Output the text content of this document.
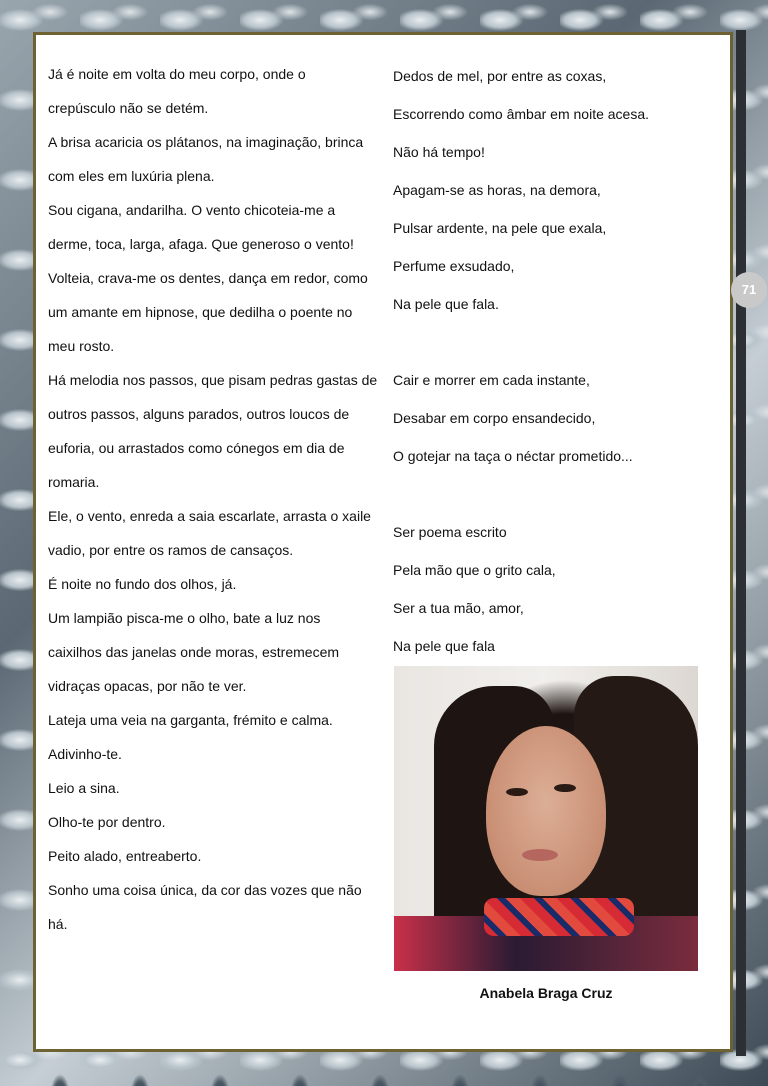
Já é noite em volta do meu corpo, onde o
crepúsculo não se detém.
A brisa acaricia os plátanos, na imaginação, brinca
com eles em luxúria plena.
Sou cigana, andarilha. O vento chicoteia-me a
derme, toca, larga, afaga. Que generoso o vento!
Volteia, crava-me os dentes, dança em redor, como
um amante em hipnose, que dedilha o poente no
meu rosto.
Há melodia nos passos, que pisam pedras gastas de
outros passos, alguns parados, outros loucos de
euforia, ou arrastados como cónegos em dia de
romaria.
Ele, o vento, enreda a saia escarlate, arrasta o xaile
vadio, por entre os ramos de cansaços.
É noite no fundo dos olhos, já.
Um lampião pisca-me o olho, bate a luz nos
caixilhos das janelas onde moras, estremecem
vidraças opacas, por não te ver.
Lateja uma veia na garganta, frémito e calma.
Adivinho-te.
Leio a sina.
Olho-te por dentro.
Peito alado, entreaberto.
Sonho uma coisa única, da cor das vozes que não
há.
Dedos de mel, por entre as coxas,
Escorrendo como âmbar em noite acesa.
Não há tempo!
Apagam-se as horas, na demora,
Pulsar ardente, na pele que exala,
Perfume exsudado,
Na pele que fala.
Cair e morrer em cada instante,
Desabar em corpo ensandecido,
O gotejar na taça o néctar prometido...
Ser poema escrito
Pela mão que o grito cala,
Ser a tua mão, amor,
Na pele que fala
Anabela Braga Cruz
71
